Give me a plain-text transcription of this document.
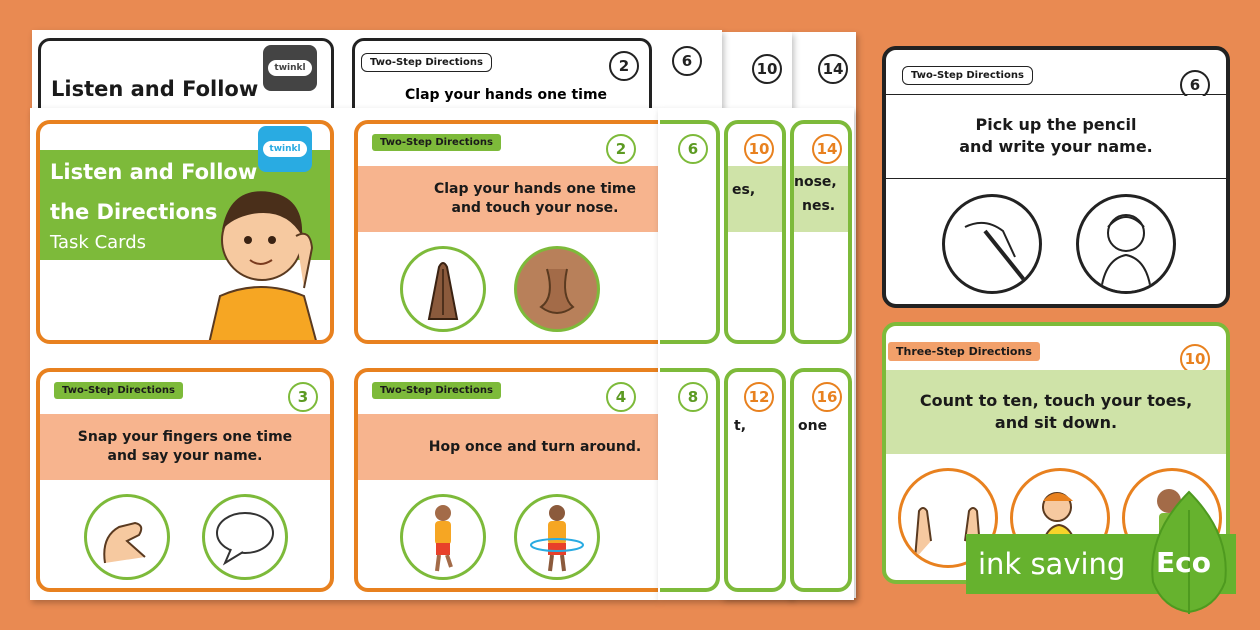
14
10
Listen and Follow
twinkl	Two-Step Directions	2
Clap your hands one time
6
Listen and Follow
the Directions
Task Cards
twinkl
Clap your hands one time
and touch your nose.
Two-Step Directions	2
Snap your fingers one time
and say your name.
Two-Step Directions	3
Hop once and turn around.
Two-Step Directions	4
6	10
es,
14
nose,
nes.
8	12
t,
16
one
Two-Step Directions
6
Pick up the pencil
and write your name.
Three-Step Directions	10
Count to ten, touch your toes,
and sit down.
ink saving Eco
